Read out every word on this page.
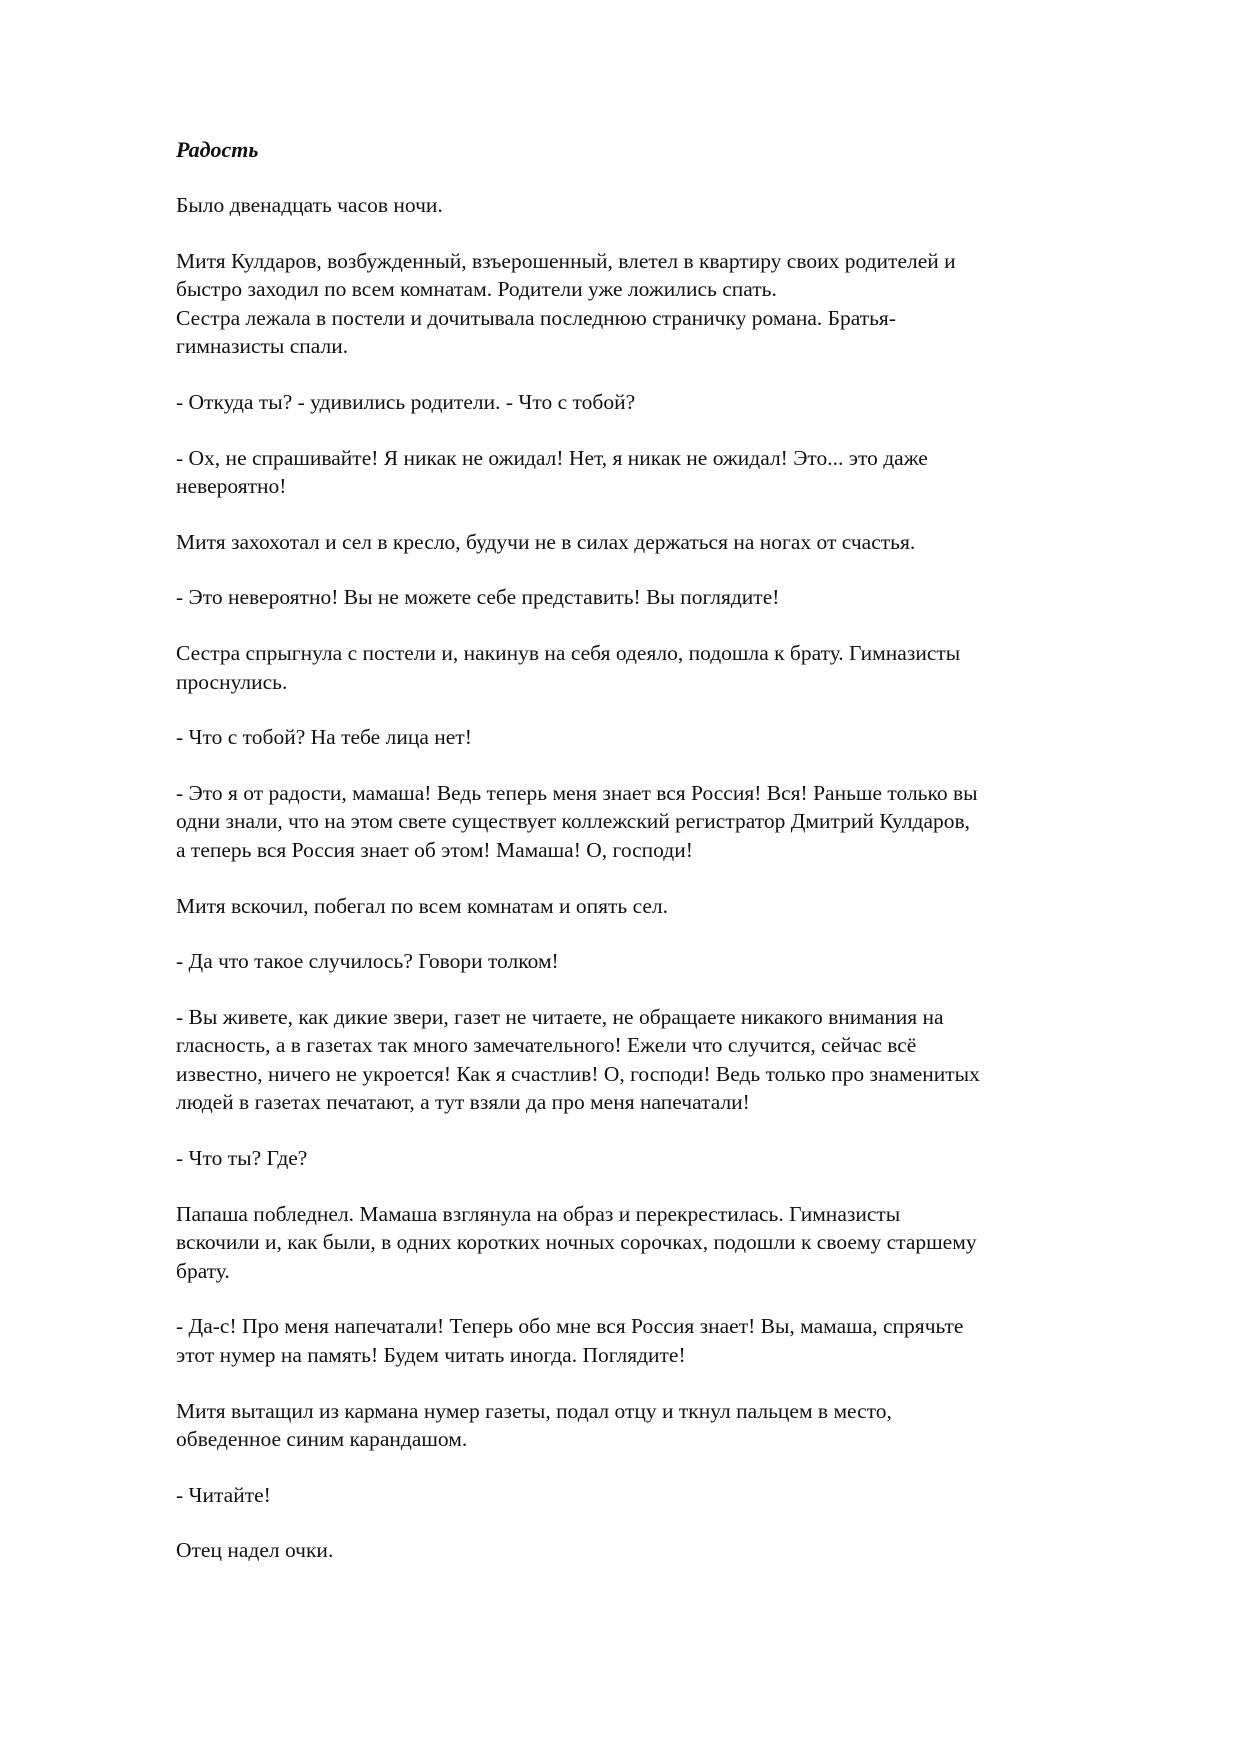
Радость
Было двенадцать часов ночи.
Митя Кулдаров, возбужденный, взъерошенный, влетел в квартиру своих родителей и
быстро заходил по всем комнатам. Родители уже ложились спать.
Сестра лежала в постели и дочитывала последнюю страничку романа. Братья-
гимназисты спали.
- Откуда ты? - удивились родители. - Что с тобой?
- Ох, не спрашивайте! Я никак не ожидал! Нет, я никак не ожидал! Это... это даже
невероятно!
Митя захохотал и сел в кресло, будучи не в силах держаться на ногах от счастья.
- Это невероятно! Вы не можете себе представить! Вы поглядите!
Сестра спрыгнула с постели и, накинув на себя одеяло, подошла к брату. Гимназисты
проснулись.
- Что с тобой? На тебе лица нет!
- Это я от радости, мамаша! Ведь теперь меня знает вся Россия! Вся! Раньше только вы
одни знали, что на этом свете существует коллежский регистратор Дмитрий Кулдаров,
а теперь вся Россия знает об этом! Мамаша! О, господи!
Митя вскочил, побегал по всем комнатам и опять сел.
- Да что такое случилось? Говори толком!
- Вы живете, как дикие звери, газет не читаете, не обращаете никакого внимания на
гласность, а в газетах так много замечательного! Ежели что случится, сейчас всё
известно, ничего не укроется! Как я счастлив! О, господи! Ведь только про знаменитых
людей в газетах печатают, а тут взяли да про меня напечатали!
- Что ты? Где?
Папаша побледнел. Мамаша взглянула на образ и перекрестилась. Гимназисты
вскочили и, как были, в одних коротких ночных сорочках, подошли к своему старшему
брату.
- Да-с! Про меня напечатали! Теперь обо мне вся Россия знает! Вы, мамаша, спрячьте
этот нумер на память! Будем читать иногда. Поглядите!
Митя вытащил из кармана нумер газеты, подал отцу и ткнул пальцем в место,
обведенное синим карандашом.
- Читайте!
Отец надел очки.
